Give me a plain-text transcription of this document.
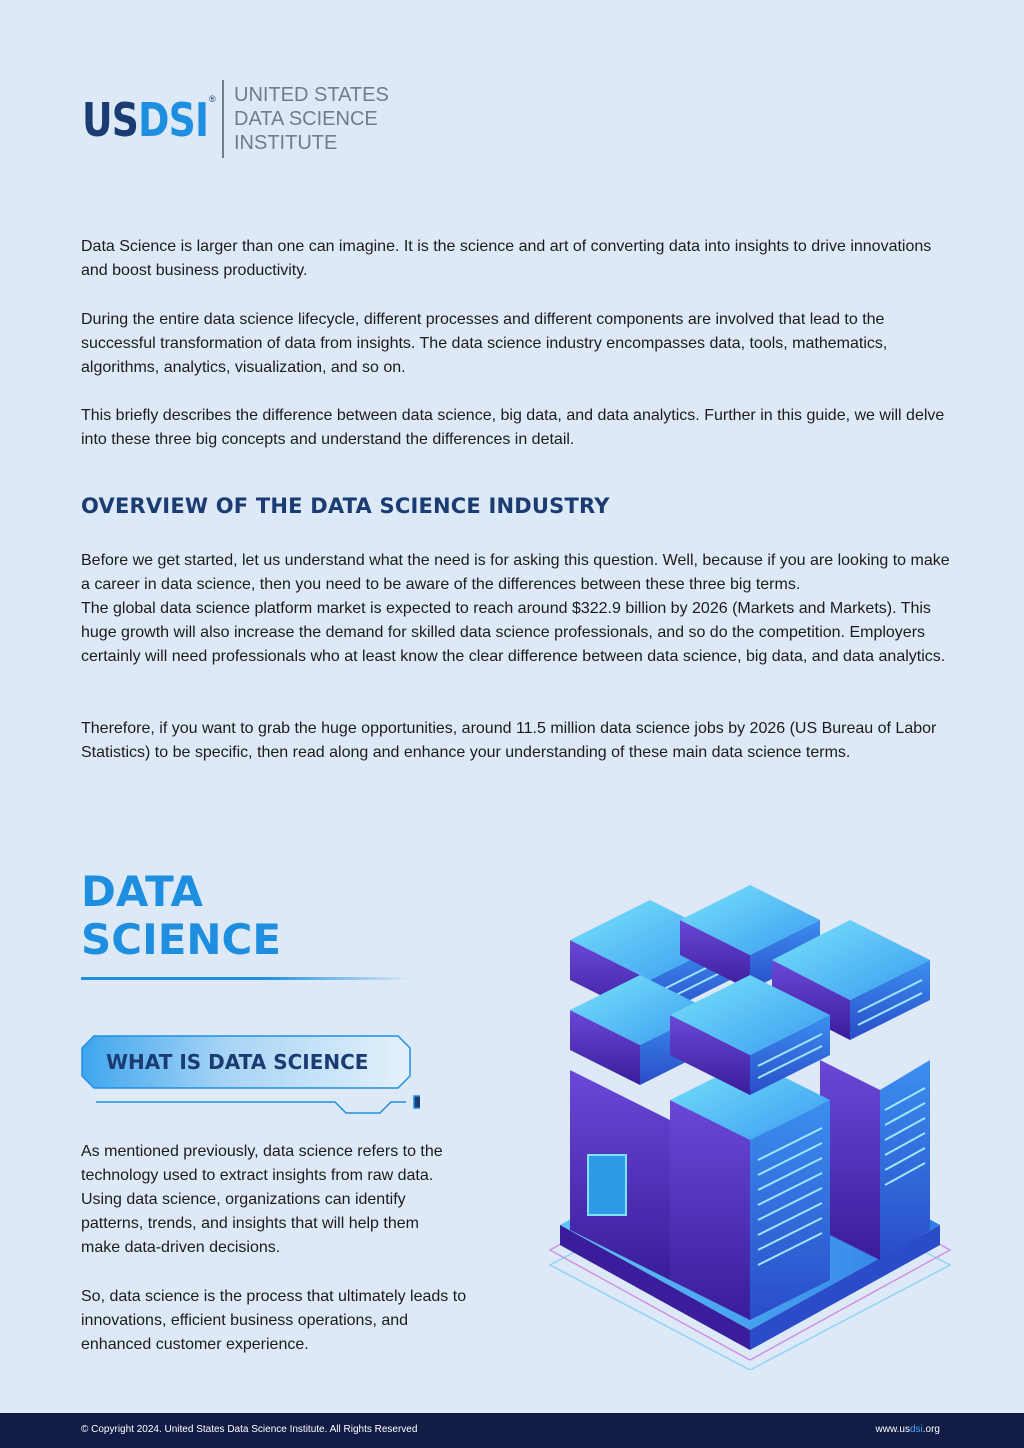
US DSI ® UNITED STATES
DATA SCIENCE
INSTITUTE

Data Science is larger than one can imagine. It is the science and art of converting data into insights to drive innovations and boost business productivity.

During the entire data science lifecycle, different processes and different components are involved that lead to the successful transformation of data from insights. The data science industry encompasses data, tools, mathematics, algorithms, analytics, visualization, and so on.

This briefly describes the difference between data science, big data, and data analytics. Further in this guide, we will delve into these three big concepts and understand the differences in detail.

OVERVIEW OF THE DATA SCIENCE INDUSTRY

Before we get started, let us understand what the need is for asking this question. Well, because if you are looking to make a career in data science, then you need to be aware of the differences between these three big terms.

The global data science platform market is expected to reach around $322.9 billion by 2026 (Markets and Markets). This huge growth will also increase the demand for skilled data science professionals, and so do the competition. Employers certainly will need professionals who at least know the clear difference between data science, big data, and data analytics.

Therefore, if you want to grab the huge opportunities, around 11.5 million data science jobs by 2026 (US Bureau of Labor Statistics) to be specific, then read along and enhance your understanding of these main data science terms.

DATA
SCIENCE
WHAT IS DATA SCIENCE

As mentioned previously, data science refers to the technology used to extract insights from raw data. Using data science, organizations can identify patterns, trends, and insights that will help them make data-driven decisions.

So, data science is the process that ultimately leads to innovations, efficient business operations, and enhanced customer experience.

© Copyright 2024. United States Data Science Institute. All Rights Reserved	www.usdsi.org
